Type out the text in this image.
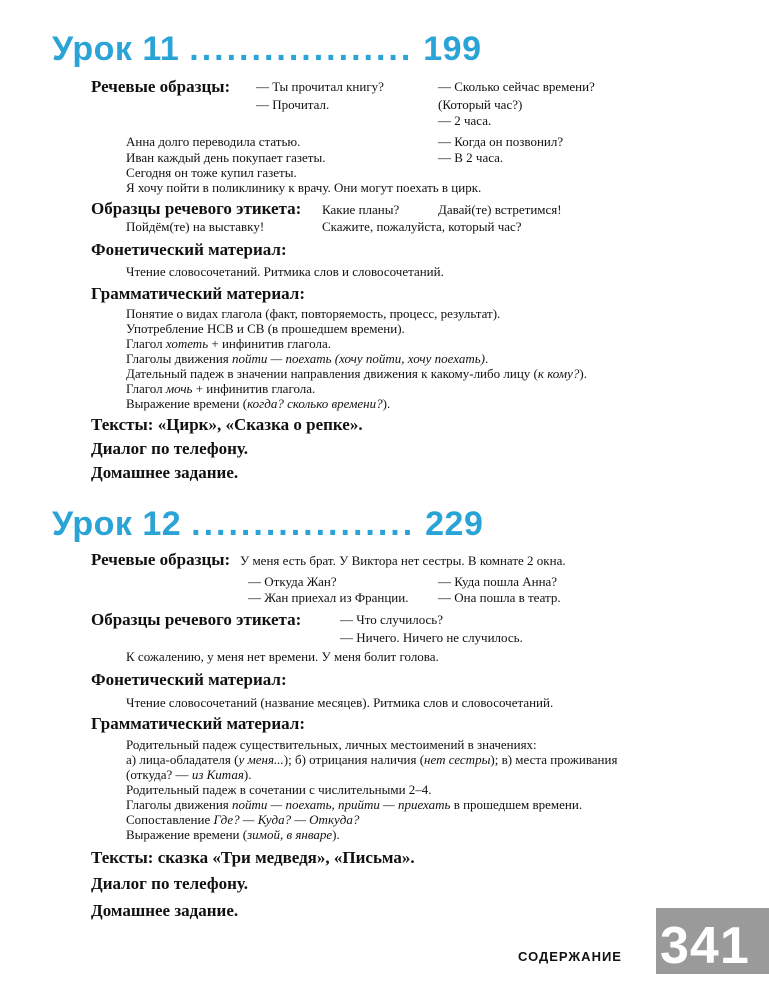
Урок 11 .................. 199
Речевые образцы: — Ты прочитал книгу?
— Прочитал.
— Сколько сейчас времени?
(Который час?)
— 2 часа.
Анна долго переводила статью.
Иван каждый день покупает газеты.
Сегодня он тоже купил газеты.
Я хочу пойти в поликлинику к врачу. Они могут поехать в цирк.
— Когда он позвонил?
— В 2 часа.
Образцы речевого этикета: Какие планы?	Давай(те) встретимся!
Пойдём(те) на выставку!	Скажите, пожалуйста, который час?
Фонетический материал:
Чтение словосочетаний. Ритмика слов и словосочетаний.
Грамматический материал:
Понятие о видах глагола (факт, повторяемость, процесс, результат).
Употребление НСВ и СВ (в прошедшем времени).
Глагол хотеть + инфинитив глагола.
Глаголы движения пойти — поехать (хочу пойти, хочу поехать).
Дательный падеж в значении направления движения к какому-либо лицу (к кому?).
Глагол мочь + инфинитив глагола.
Выражение времени (когда? сколько времени?).
Тексты: «Цирк», «Сказка о репке».
Диалог по телефону.
Домашнее задание.
Урок 12 .................. 229
Речевые образцы: У меня есть брат. У Виктора нет сестры. В комнате 2 окна.
— Откуда Жан?
— Жан приехал из Франции.
— Куда пошла Анна?
— Она пошла в театр.
Образцы речевого этикета:	— Что случилось?
— Ничего. Ничего не случилось.
К сожалению, у меня нет времени. У меня болит голова.
Фонетический материал:
Чтение словосочетаний (название месяцев). Ритмика слов и словосочетаний.
Грамматический материал:
Родительный падеж существительных, личных местоимений в значениях:
а) лица-обладателя (у меня...); б) отрицания наличия (нет сестры); в) места проживания
(откуда? — из Китая).
Родительный падеж в сочетании с числительными 2–4.
Глаголы движения пойти — поехать, прийти — приехать в прошедшем времени.
Сопоставление Где? — Куда? — Откуда?
Выражение времени (зимой, в январе).
Тексты: сказка «Три медведя», «Письма».
Диалог по телефону.
Домашнее задание.
СОДЕРЖАНИЕ 341
